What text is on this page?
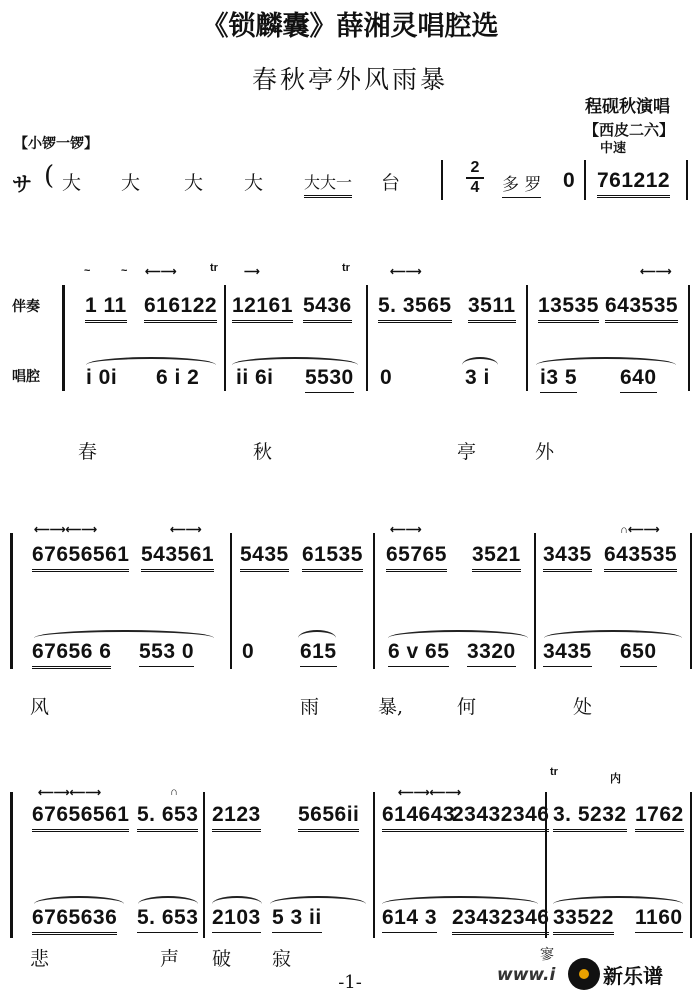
《锁麟囊》薛湘灵唱腔选
春秋亭外风雨暴
程砚秋演唱
【西皮二六】
中速
【小锣一锣】
サ ( 大 大 大 大	大大一 台
2
4 多 罗 0 761212
伴奏
唱腔
tr	tr
~	~ ⟵⟶	⟶	⟵⟶	⟵⟶
1 11 616122 12161 5436 5. 3565 3511 13535 643535
i 0i 6 i 2 ii 6i 5530 0	3 i i3 5 640
春	秋	亭	外
⟵⟶⟵⟶	⟵⟶	⟵⟶	∩⟵⟶
67656561 543561 5435 61535 65765 3521 3435 643535
67656 6 553 0 0 615 6 v 65 3320 3435 650
风	雨	暴,	何	处
tr
内
⟵⟶⟵⟶	∩	⟵⟶⟵⟶
67656561 5. 653 2123 5656ii 614643
23432346 3. 5232 1762
6765636 5. 653 2103 5 3 ii	614 3 23432346 33522 1160
悲	声 破 寂	寥
-1-	www.i 新乐谱
